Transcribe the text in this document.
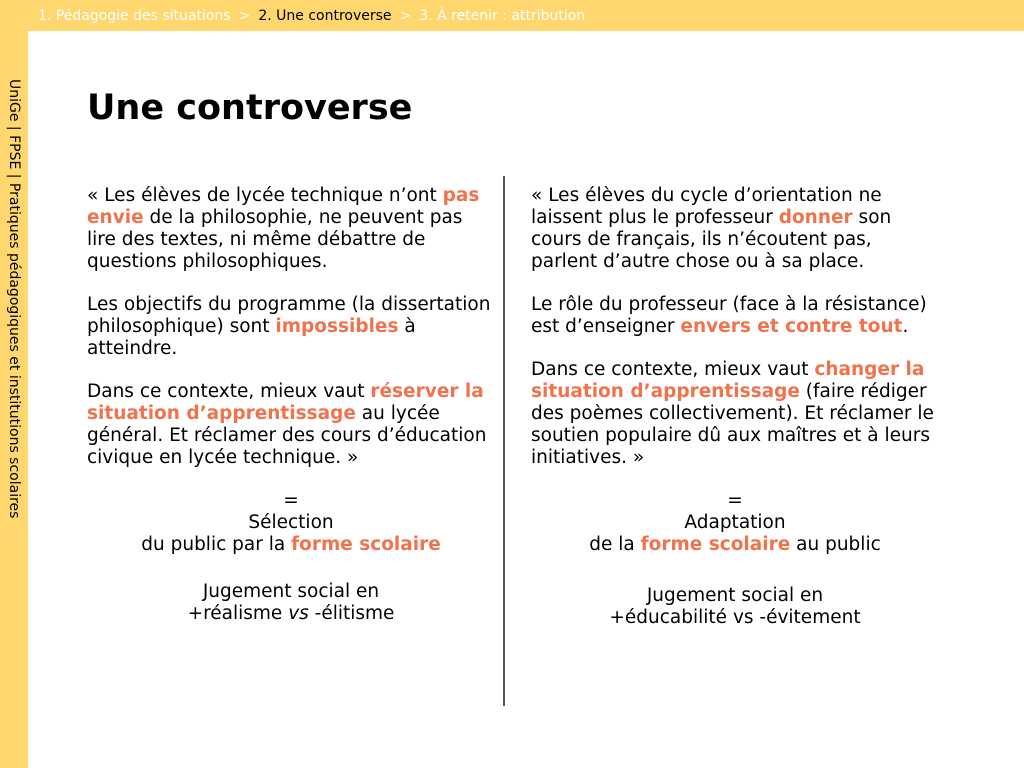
1. Pédagogie des situations > 2. Une controverse > 3. À retenir : attribution
UniGe | FPSE | Pratiques pédagogiques et institutions scolaires Une controverse

« Les élèves de lycée technique n’ont pas envie de la philosophie, ne peuvent pas lire des textes, ni même débattre de questions philosophiques.

Les objectifs du programme (la dissertation philosophique) sont impossibles à atteindre.

Dans ce contexte, mieux vaut réserver la situation d’apprentissage au lycée général. Et réclamer des cours d’éducation civique en lycée technique. »

=
Sélection
du public par la forme scolaire
Jugement social en
+réalisme vs -élitisme

« Les élèves du cycle d’orientation ne laissent plus le professeur donner son cours de français, ils n’écoutent pas, parlent d’autre chose ou à sa place.

Le rôle du professeur (face à la résistance) est d’enseigner envers et contre tout.

Dans ce contexte, mieux vaut changer la situation d’apprentissage (faire rédiger des poèmes collectivement). Et réclamer le soutien populaire dû aux maîtres et à leurs initiatives. »

=
Adaptation
de la forme scolaire au public
Jugement social en
+éducabilité vs -évitement
